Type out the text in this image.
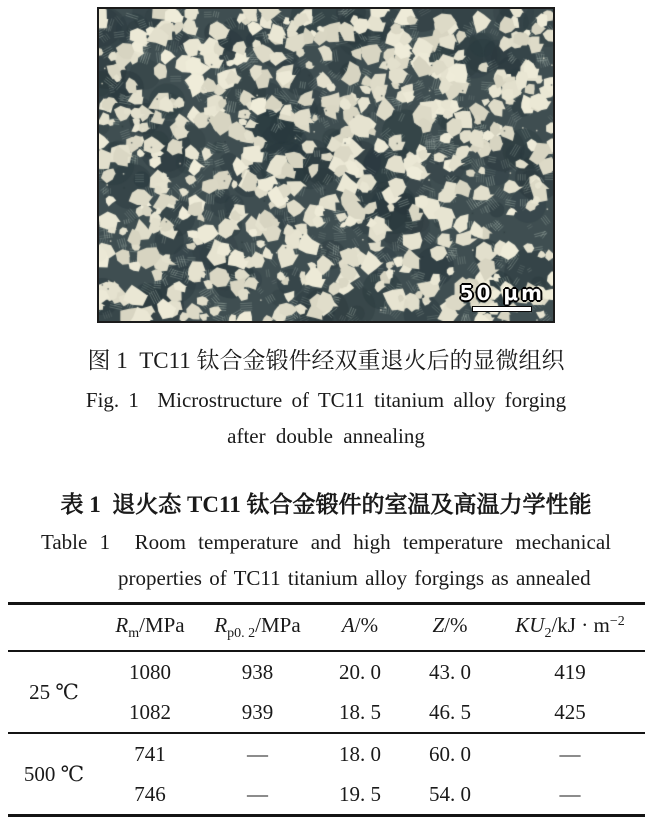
50 μm
图 1  TC11 钛合金锻件经双重退火后的显微组织
Fig. 1  Microstructure of TC11 titanium alloy forging
after double annealing
表 1  退火态 TC11 钛合金锻件的室温及高温力学性能
Table 1  Room temperature and high temperature mechanical
properties of TC11 titanium alloy forgings as annealed
	$R_m$/MPa	$R_{p0. 2}$/MPa	A/%	Z/%	$KU_2/kJ \cdot m^{-2}$
25 ℃	1080	938	20. 0	43. 0	419
	1082	939	18. 5	46. 5	425
500 ℃	741	—	18. 0	60. 0	—
	746	—	19. 5	54. 0	—
